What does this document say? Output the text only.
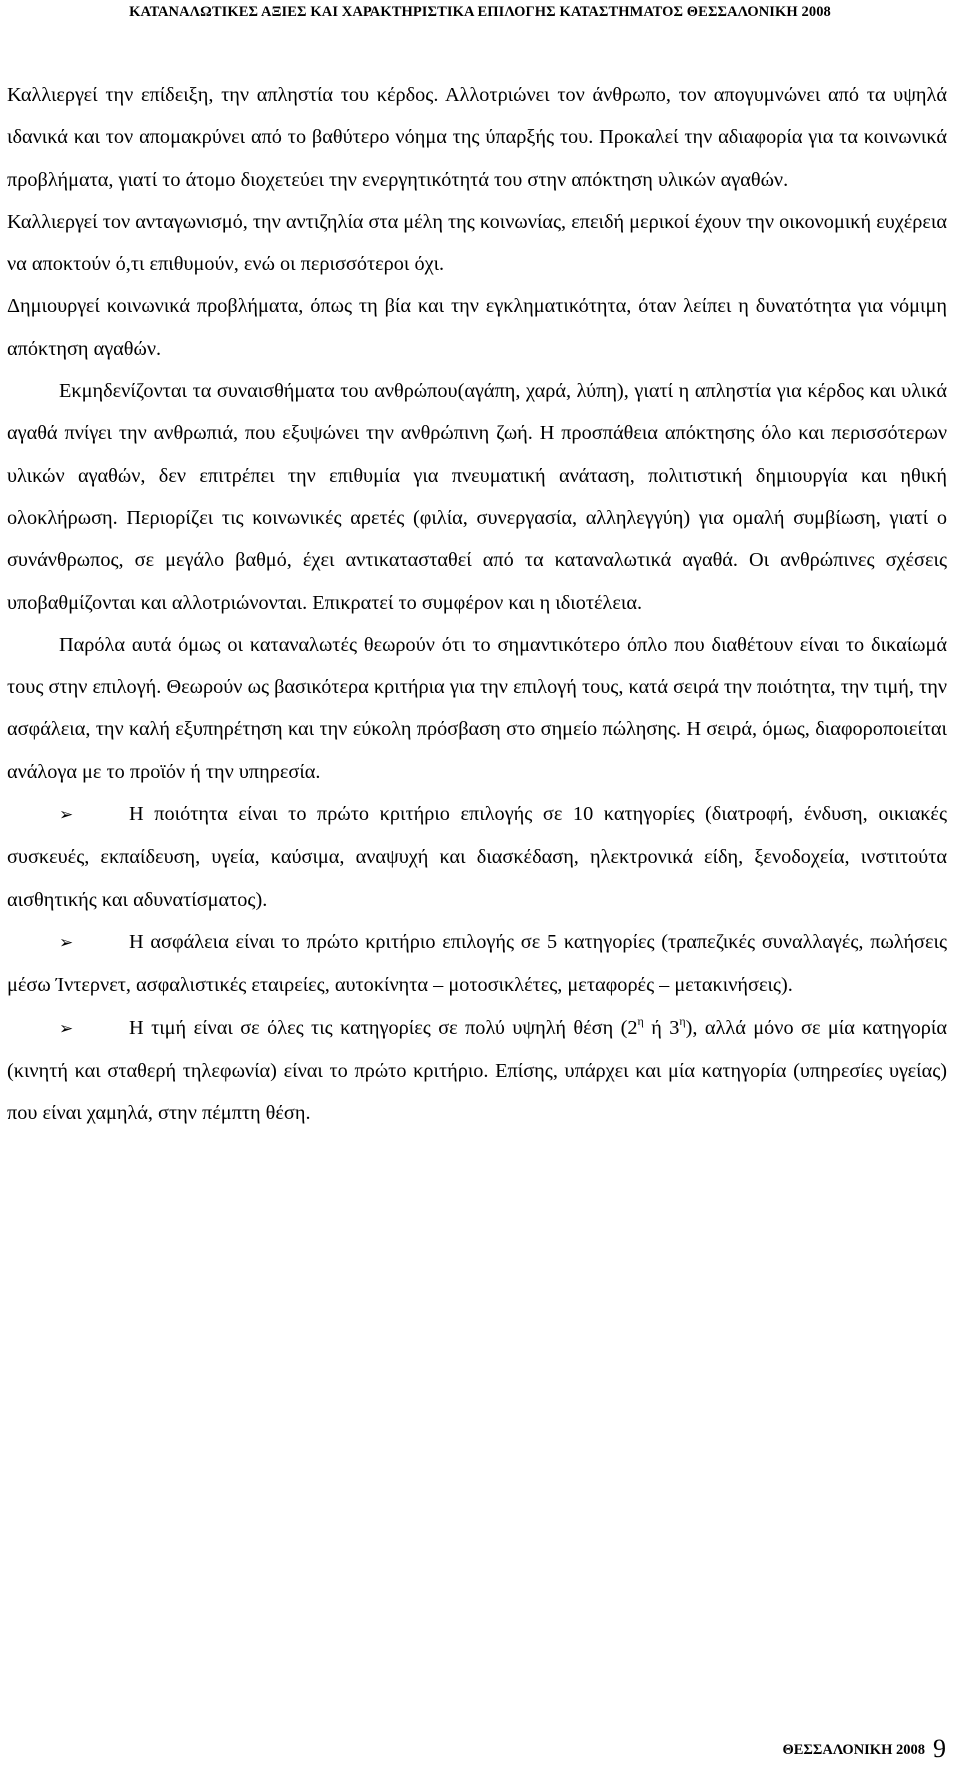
ΚΑΤΑΝΑΛΩΤΙΚΕΣ ΑΞΙΕΣ ΚΑΙ ΧΑΡΑΚΤΗΡΙΣΤΙΚΑ ΕΠΙΛΟΓΗΣ ΚΑΤΑΣΤΗΜΑΤΟΣ ΘΕΣΣΑΛΟΝΙΚΗ 2008

Καλλιεργεί την επίδειξη, την απληστία του κέρδος. Αλλοτριώνει τον άνθρωπο, τον απογυμνώνει από τα υψηλά ιδανικά και τον απομακρύνει από το βαθύτερο νόημα της ύπαρξής του. Προκαλεί την αδιαφορία για τα κοινωνικά προβλήματα, γιατί το άτομο διοχετεύει την ενεργητικότητά του στην απόκτηση υλικών αγαθών.

Καλλιεργεί τον ανταγωνισμό, την αντιζηλία στα μέλη της κοινωνίας, επειδή μερικοί έχουν την οικονομική ευχέρεια να αποκτούν ό,τι επιθυμούν, ενώ οι περισσότεροι όχι.

Δημιουργεί κοινωνικά προβλήματα, όπως τη βία και την εγκληματικότητα, όταν λείπει η δυνατότητα για νόμιμη απόκτηση αγαθών.

Εκμηδενίζονται τα συναισθήματα του ανθρώπου(αγάπη, χαρά, λύπη), γιατί η απληστία για κέρδος και υλικά αγαθά πνίγει την ανθρωπιά, που εξυψώνει την ανθρώπινη ζωή. Η προσπάθεια απόκτησης όλο και περισσότερων υλικών αγαθών, δεν επιτρέπει την επιθυμία για πνευματική ανάταση, πολιτιστική δημιουργία και ηθική ολοκλήρωση. Περιορίζει τις κοινωνικές αρετές (φιλία, συνεργασία, αλληλεγγύη) για ομαλή συμβίωση, γιατί ο συνάνθρωπος, σε μεγάλο βαθμό, έχει αντικατασταθεί από τα καταναλωτικά αγαθά. Οι ανθρώπινες σχέσεις υποβαθμίζονται και αλλοτριώνονται. Επικρατεί το συμφέρον και η ιδιοτέλεια.

Παρόλα αυτά όμως οι καταναλωτές θεωρούν ότι το σημαντικότερο όπλο που διαθέτουν είναι το δικαίωμά τους στην επιλογή. Θεωρούν ως βασικότερα κριτήρια για την επιλογή τους, κατά σειρά την ποιότητα, την τιμή, την ασφάλεια, την καλή εξυπηρέτηση και την εύκολη πρόσβαση στο σημείο πώλησης. Η σειρά, όμως, διαφοροποιείται ανάλογα με το προϊόν ή την υπηρεσία.

➢	Η ποιότητα είναι το πρώτο κριτήριο επιλογής σε 10 κατηγορίες (διατροφή, ένδυση, οικιακές συσκευές, εκπαίδευση, υγεία, καύσιμα, αναψυχή και διασκέδαση, ηλεκτρονικά είδη, ξενοδοχεία, ινστιτούτα αισθητικής και αδυνατίσματος).

➢	Η ασφάλεια είναι το πρώτο κριτήριο επιλογής σε 5 κατηγορίες (τραπεζικές συναλλαγές, πωλήσεις μέσω Ίντερνετ, ασφαλιστικές εταιρείες, αυτοκίνητα – μοτοσικλέτες, μεταφορές – μετακινήσεις).

➢	Η τιμή είναι σε όλες τις κατηγορίες σε πολύ υψηλή θέση ($2^\eta$ ή $3^\eta$), αλλά μόνο σε μία κατηγορία (κινητή και σταθερή τηλεφωνία) είναι το πρώτο κριτήριο. Επίσης, υπάρχει και μία κατηγορία (υπηρεσίες υγείας) που είναι χαμηλά, στην πέμπτη θέση.

ΘΕΣΣΑΛΟΝΙΚΗ 2008 9
